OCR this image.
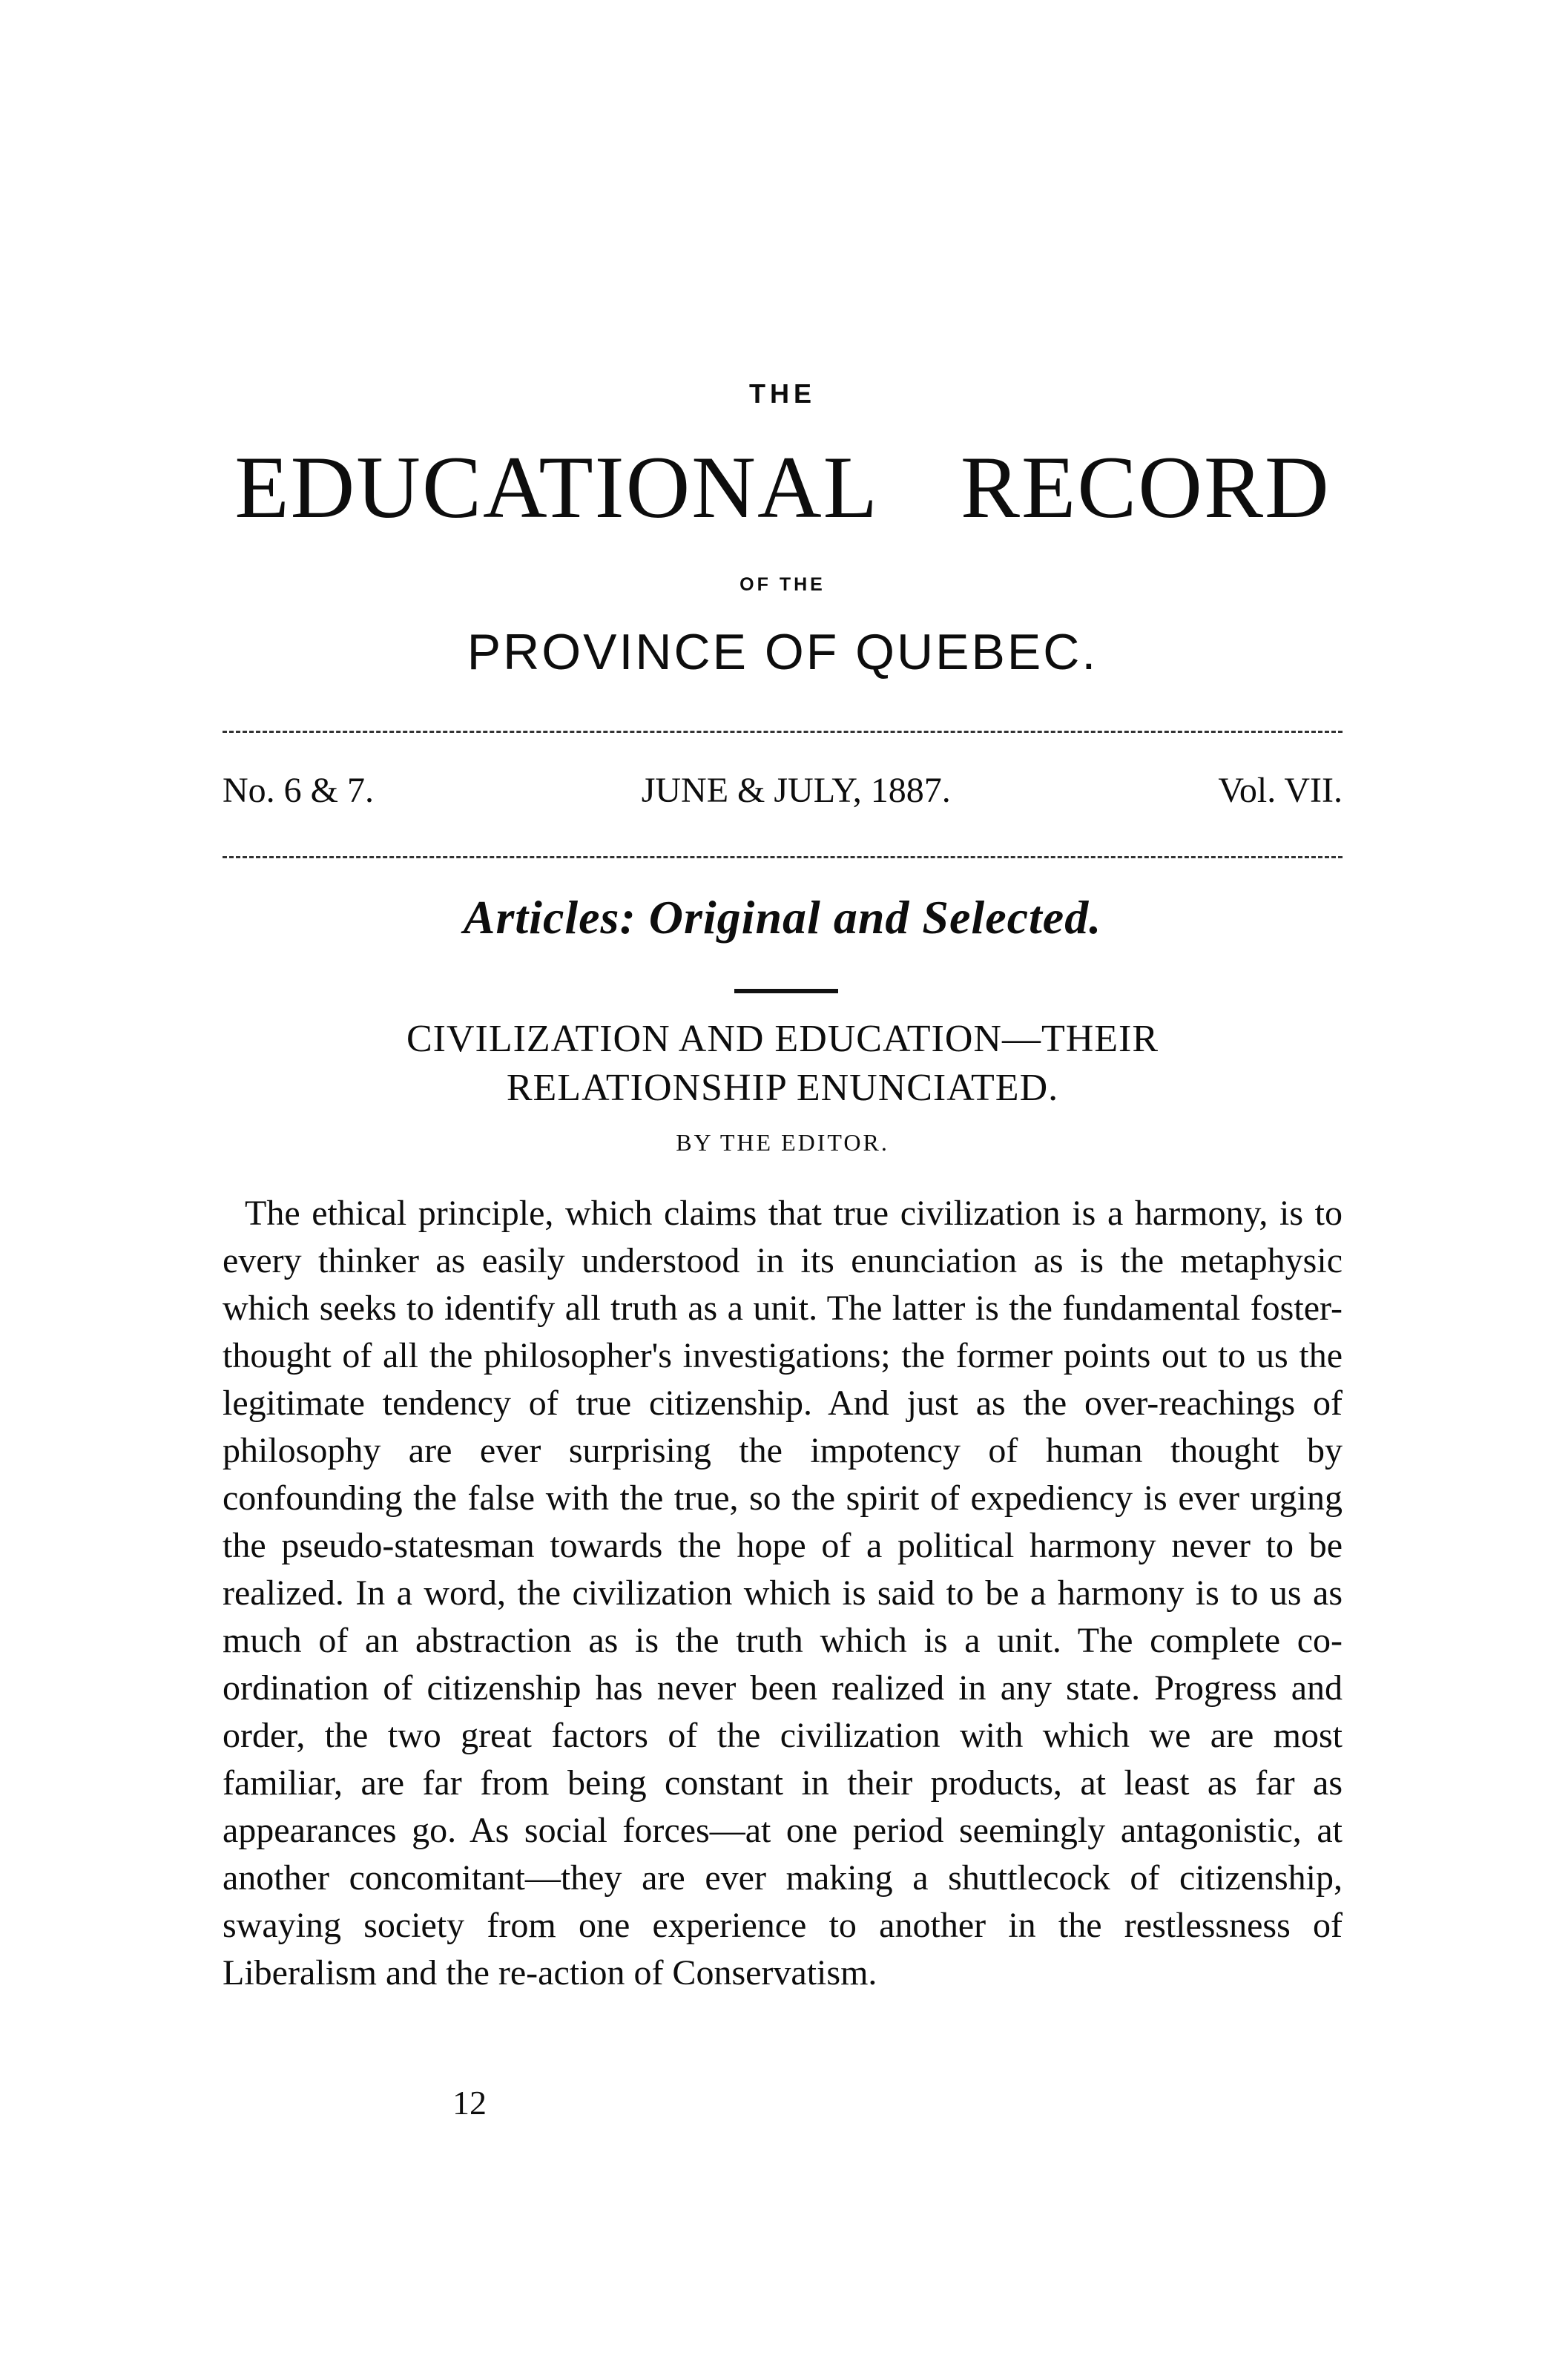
THE
EDUCATIONAL RECORD
OF THE
PROVINCE OF QUEBEC.
No. 6 & 7.	JUNE & JULY, 1887.	Vol. VII.
Articles: Original and Selected.
CIVILIZATION AND EDUCATION—THEIR
RELATIONSHIP ENUNCIATED.
BY THE EDITOR.

The ethical principle, which claims that true civilization is a harmony, is to every thinker as easily understood in its enunciation as is the metaphysic which seeks to identify all truth as a unit. The latter is the fundamental foster-thought of all the philosopher's investigations; the former points out to us the legitimate tendency of true citizenship. And just as the over-reachings of philosophy are ever surprising the impotency of human thought by confounding the false with the true, so the spirit of expediency is ever urging the pseudo-statesman towards the hope of a political harmony never to be realized. In a word, the civilization which is said to be a harmony is to us as much of an abstraction as is the truth which is a unit. The complete co-ordination of citizenship has never been realized in any state. Progress and order, the two great factors of the civilization with which we are most familiar, are far from being constant in their products, at least as far as appearances go. As social forces—at one period seemingly antagonistic, at another concomitant—they are ever making a shuttlecock of citizenship, swaying society from one experience to another in the restlessness of Liberalism and the re-action of Conservatism.

12
